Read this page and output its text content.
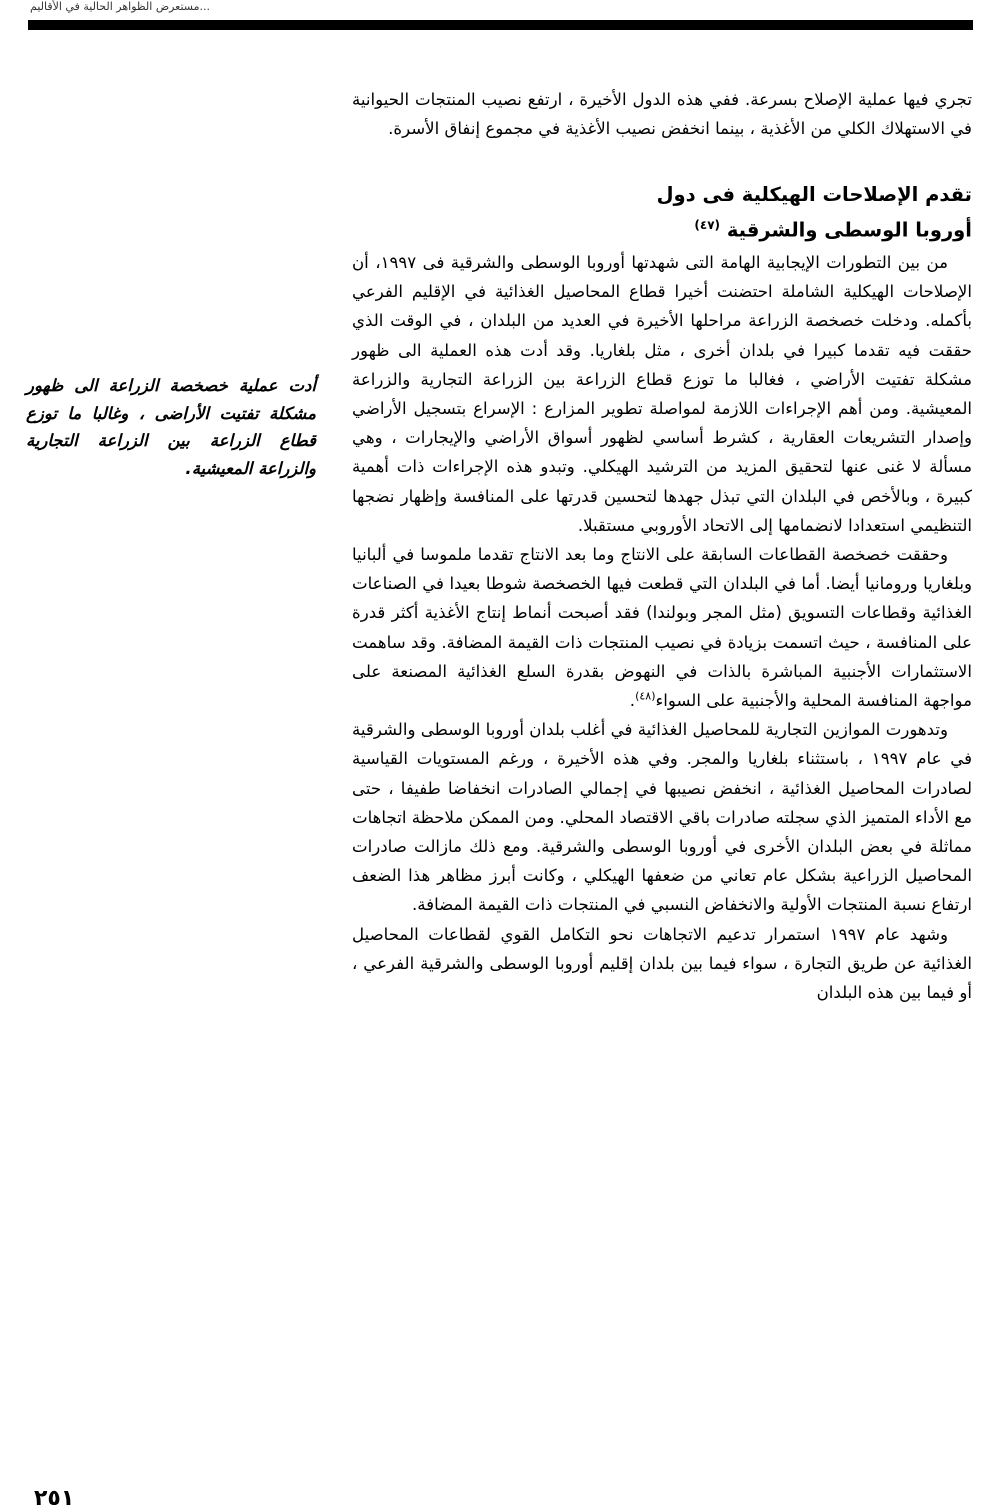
...مستعرض الظواهر الحالية في الأقاليم

تجري فيها عملية الإصلاح بسرعة. ففي هذه الدول الأخيرة ، ارتفع نصيب المنتجات الحيوانية في الاستهلاك الكلي من الأغذية ، بينما انخفض نصيب الأغذية في مجموع إنفاق الأسرة.

تقدم الإصلاحات الهيكلية فى دول
أوروبا الوسطى والشرقية $^{(٤٧)}$

من بين التطورات الإيجابية الهامة التى شهدتها أوروبا الوسطى والشرقية فى ١٩٩٧، أن الإصلاحات الهيكلية الشاملة احتضنت أخيرا قطاع المحاصيل الغذائية في الإقليم الفرعي بأكمله. ودخلت خصخصة الزراعة مراحلها الأخيرة في العديد من البلدان ، في الوقت الذي حققت فيه تقدما كبيرا في بلدان أخرى ، مثل بلغاريا. وقد أدت هذه العملية الى ظهور مشكلة تفتيت الأراضي ، فغالبا ما توزع قطاع الزراعة بين الزراعة التجارية والزراعة المعيشية. ومن أهم الإجراءات اللازمة لمواصلة تطوير المزارع : الإسراع بتسجيل الأراضي وإصدار التشريعات العقارية ، كشرط أساسي لظهور أسواق الأراضي والإيجارات ، وهي مسألة لا غنى عنها لتحقيق المزيد من الترشيد الهيكلي. وتبدو هذه الإجراءات ذات أهمية كبيرة ، وبالأخص في البلدان التي تبذل جهدها لتحسين قدرتها على المنافسة وإظهار نضجها التنظيمي استعدادا لانضمامها إلى الاتحاد الأوروبي مستقبلا.

وحققت خصخصة القطاعات السابقة على الانتاج وما بعد الانتاج تقدما ملموسا في ألبانيا وبلغاريا ورومانيا أيضا. أما في البلدان التي قطعت فيها الخصخصة شوطا بعيدا في الصناعات الغذائية وقطاعات التسويق (مثل المجر وبولندا) فقد أصبحت أنماط إنتاج الأغذية أكثر قدرة على المنافسة ، حيث اتسمت بزيادة في نصيب المنتجات ذات القيمة المضافة. وقد ساهمت الاستثمارات الأجنبية المباشرة بالذات في النهوض بقدرة السلع الغذائية المصنعة على مواجهة المنافسة المحلية والأجنبية على السواء$^{(٤٨)}$.

وتدهورت الموازين التجارية للمحاصيل الغذائية في أغلب بلدان أوروبا الوسطى والشرقية في عام ١٩٩٧ ، باستثناء بلغاريا والمجر. وفي هذه الأخيرة ، ورغم المستويات القياسية لصادرات المحاصيل الغذائية ، انخفض نصيبها في إجمالي الصادرات انخفاضا طفيفا ، حتى مع الأداء المتميز الذي سجلته صادرات باقي الاقتصاد المحلي. ومن الممكن ملاحظة اتجاهات مماثلة في بعض البلدان الأخرى في أوروبا الوسطى والشرقية. ومع ذلك مازالت صادرات المحاصيل الزراعية بشكل عام تعاني من ضعفها الهيكلي ، وكانت أبرز مظاهر هذا الضعف ارتفاع نسبة المنتجات الأولية والانخفاض النسبي في المنتجات ذات القيمة المضافة.

وشهد عام ١٩٩٧ استمرار تدعيم الاتجاهات نحو التكامل القوي لقطاعات المحاصيل الغذائية عن طريق التجارة ، سواء فيما بين بلدان إقليم أوروبا الوسطى والشرقية الفرعي ، أو فيما بين هذه البلدان

أدت عملية خصخصة الزراعة الى ظهور مشكلة تفتيت الأراضى ، وغالبا ما توزع قطاع الزراعة بين الزراعة التجارية والزراعة المعيشية.
٢٥١
